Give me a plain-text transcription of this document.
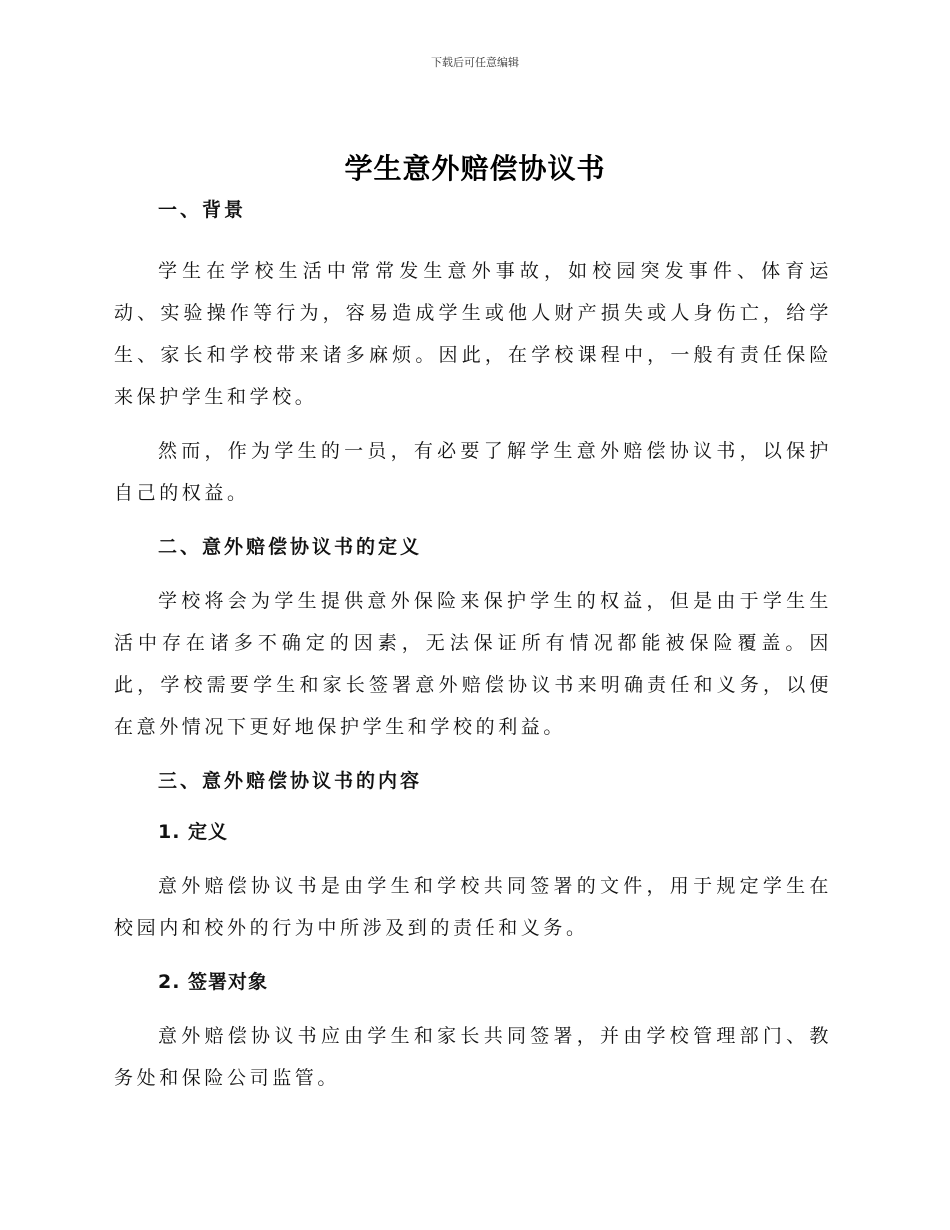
下载后可任意编辑
学生意外赔偿协议书
一、背景

学生在学校生活中常常发生意外事故，如校园突发事件、体育运动、实验操作等行为，容易造成学生或他人财产损失或人身伤亡，给学生、家长和学校带来诸多麻烦。因此，在学校课程中，一般有责任保险来保护学生和学校。

然而，作为学生的一员，有必要了解学生意外赔偿协议书，以保护自己的权益。

二、意外赔偿协议书的定义

学校将会为学生提供意外保险来保护学生的权益，但是由于学生生活中存在诸多不确定的因素，无法保证所有情况都能被保险覆盖。因此，学校需要学生和家长签署意外赔偿协议书来明确责任和义务，以便在意外情况下更好地保护学生和学校的利益。

三、意外赔偿协议书的内容
1. 定义

意外赔偿协议书是由学生和学校共同签署的文件，用于规定学生在校园内和校外的行为中所涉及到的责任和义务。

2. 签署对象

意外赔偿协议书应由学生和家长共同签署，并由学校管理部门、教务处和保险公司监管。
